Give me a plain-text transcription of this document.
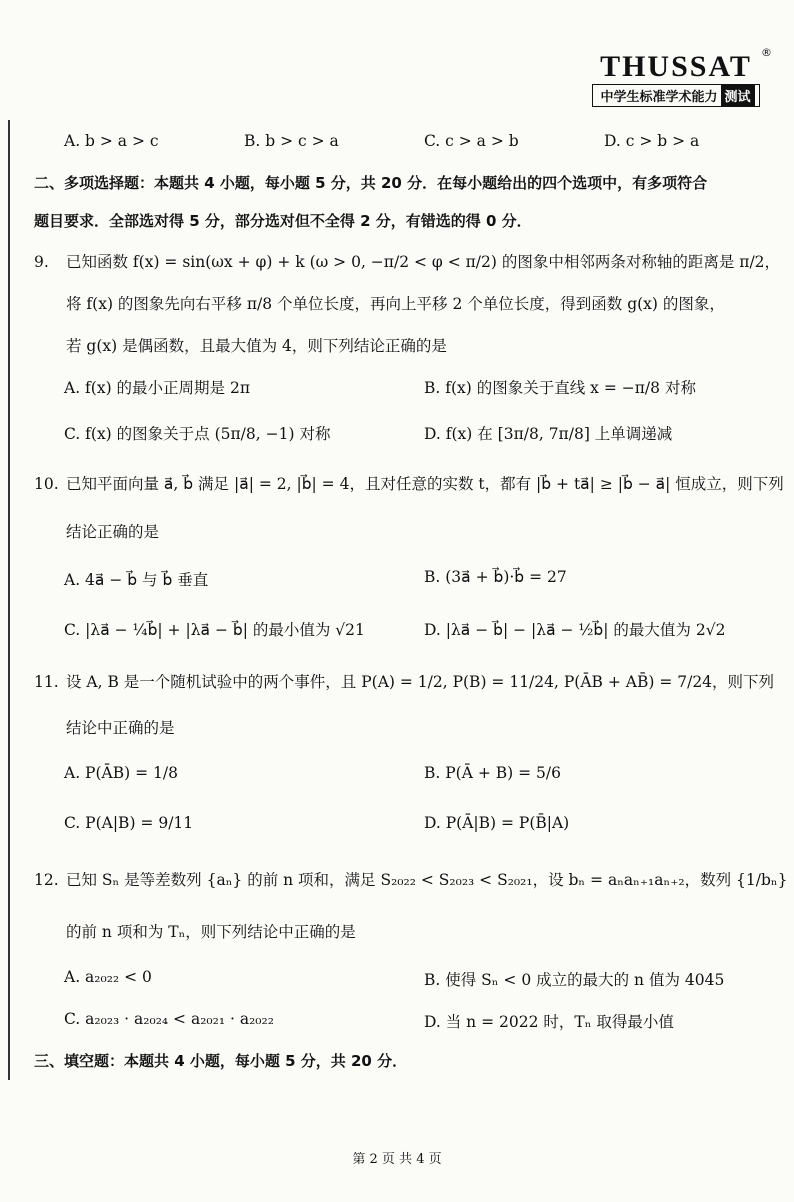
THUSSAT ®
中学生标准学术能力 测试
A. b > a > c	B. b > c > a	C. c > a > b	D. c > b > a
二、多项选择题：本题共 4 小题，每小题 5 分，共 20 分．在每小题给出的四个选项中，有多项符合
题目要求．全部选对得 5 分，部分选对但不全得 2 分，有错选的得 0 分．
9. 已知函数 f(x) = sin(ωx + φ) + k (ω > 0, −π/2 < φ < π/2) 的图象中相邻两条对称轴的距离是 π/2，
将 f(x) 的图象先向右平移 π/8 个单位长度，再向上平移 2 个单位长度，得到函数 g(x) 的图象，
若 g(x) 是偶函数，且最大值为 4，则下列结论正确的是
A. f(x) 的最小正周期是 2π	B. f(x) 的图象关于直线 x = −π/8 对称
C. f(x) 的图象关于点 (5π/8, −1) 对称	D. f(x) 在 [3π/8, 7π/8] 上单调递减
10. 已知平面向量 a⃗, b⃗ 满足 |a⃗| = 2, |b⃗| = 4，且对任意的实数 t，都有 |b⃗ + ta⃗| ≥ |b⃗ − a⃗| 恒成立，则下列
结论正确的是
A. 4a⃗ − b⃗ 与 b⃗ 垂直	B. (3a⃗ + b⃗)·b⃗ = 27
C. |λa⃗ − ¼b⃗| + |λa⃗ − b⃗| 的最小值为 √21	D. |λa⃗ − b⃗| − |λa⃗ − ½b⃗| 的最大值为 2√2
11. 设 A, B 是一个随机试验中的两个事件，且 P(A) = 1/2, P(B) = 11/24, P(ĀB + AB̄) = 7/24，则下列
结论中正确的是
A. P(ĀB) = 1/8	B. P(Ā + B) = 5/6
C. P(A|B) = 9/11	D. P(Ā|B) = P(B̄|A)
12. 已知 Sₙ 是等差数列 {aₙ} 的前 n 项和，满足 S₂₀₂₂ < S₂₀₂₃ < S₂₀₂₁，设 bₙ = aₙaₙ₊₁aₙ₊₂，数列 {1/bₙ}
的前 n 项和为 Tₙ，则下列结论中正确的是
A. a₂₀₂₂ < 0	B. 使得 Sₙ < 0 成立的最大的 n 值为 4045
C. a₂₀₂₃ · a₂₀₂₄ < a₂₀₂₁ · a₂₀₂₂	D. 当 n = 2022 时，Tₙ 取得最小值
三、填空题：本题共 4 小题，每小题 5 分，共 20 分．
第 2 页 共 4 页
